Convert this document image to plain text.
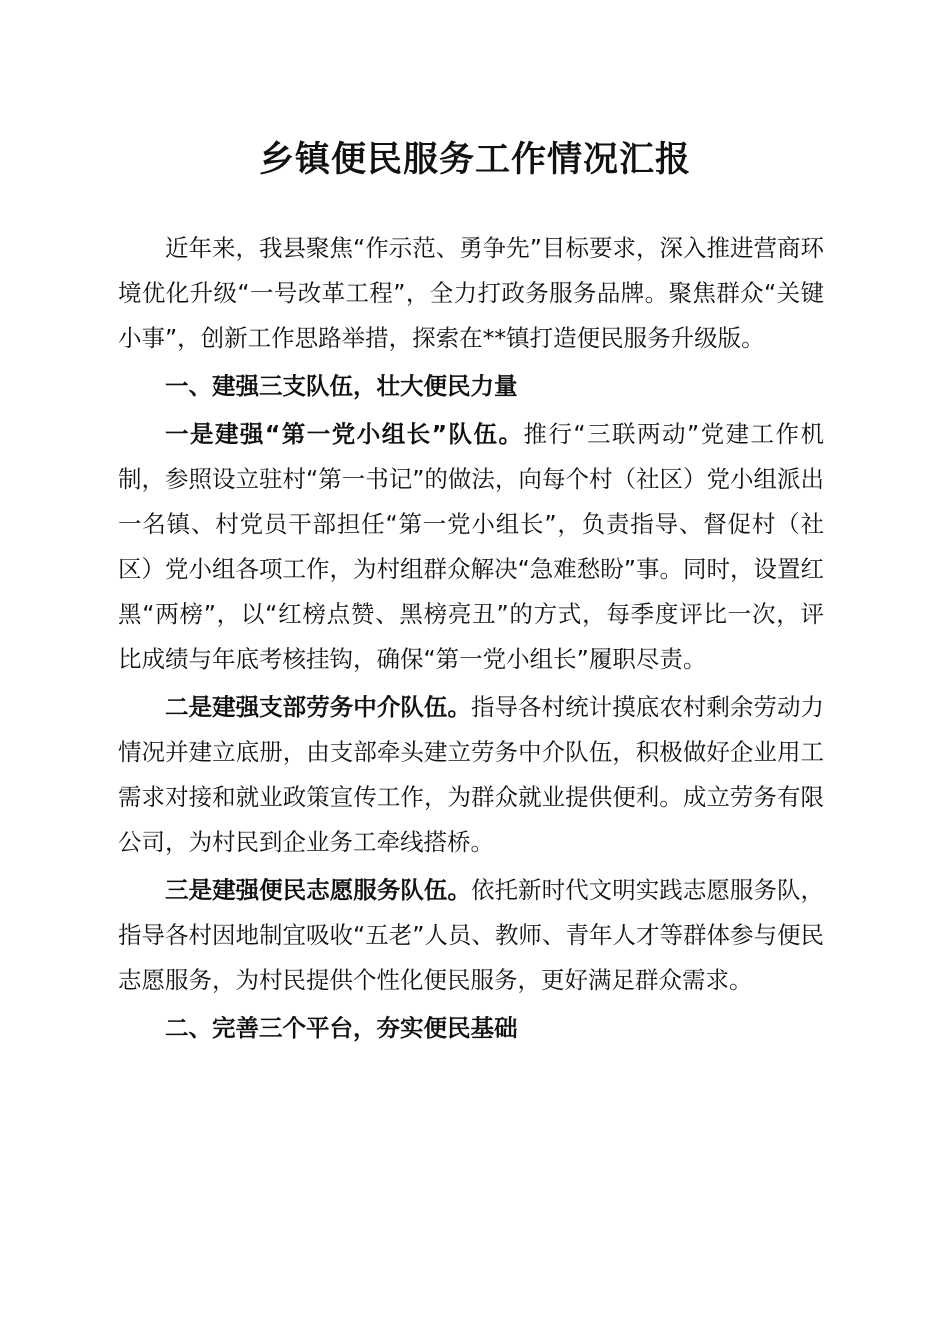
乡镇便民服务工作情况汇报

近年来，我县聚焦“作示范、勇争先”目标要求，深入推进营商环境优化升级“一号改革工程”，全力打政务服务品牌。聚焦群众“关键小事”，创新工作思路举措，探索在**镇打造便民服务升级版。

一、建强三支队伍，壮大便民力量

一是建强“第一党小组长”队伍。推行“三联两动”党建工作机制，参照设立驻村“第一书记”的做法，向每个村（社区）党小组派出一名镇、村党员干部担任“第一党小组长”，负责指导、督促村（社区）党小组各项工作，为村组群众解决“急难愁盼”事。同时，设置红黑“两榜”，以“红榜点赞、黑榜亮丑”的方式，每季度评比一次，评比成绩与年底考核挂钩，确保“第一党小组长”履职尽责。

二是建强支部劳务中介队伍。指导各村统计摸底农村剩余劳动力情况并建立底册，由支部牵头建立劳务中介队伍，积极做好企业用工需求对接和就业政策宣传工作，为群众就业提供便利。成立劳务有限公司，为村民到企业务工牵线搭桥。

三是建强便民志愿服务队伍。依托新时代文明实践志愿服务队，指导各村因地制宜吸收“五老”人员、教师、青年人才等群体参与便民志愿服务，为村民提供个性化便民服务，更好满足群众需求。

二、完善三个平台，夯实便民基础
